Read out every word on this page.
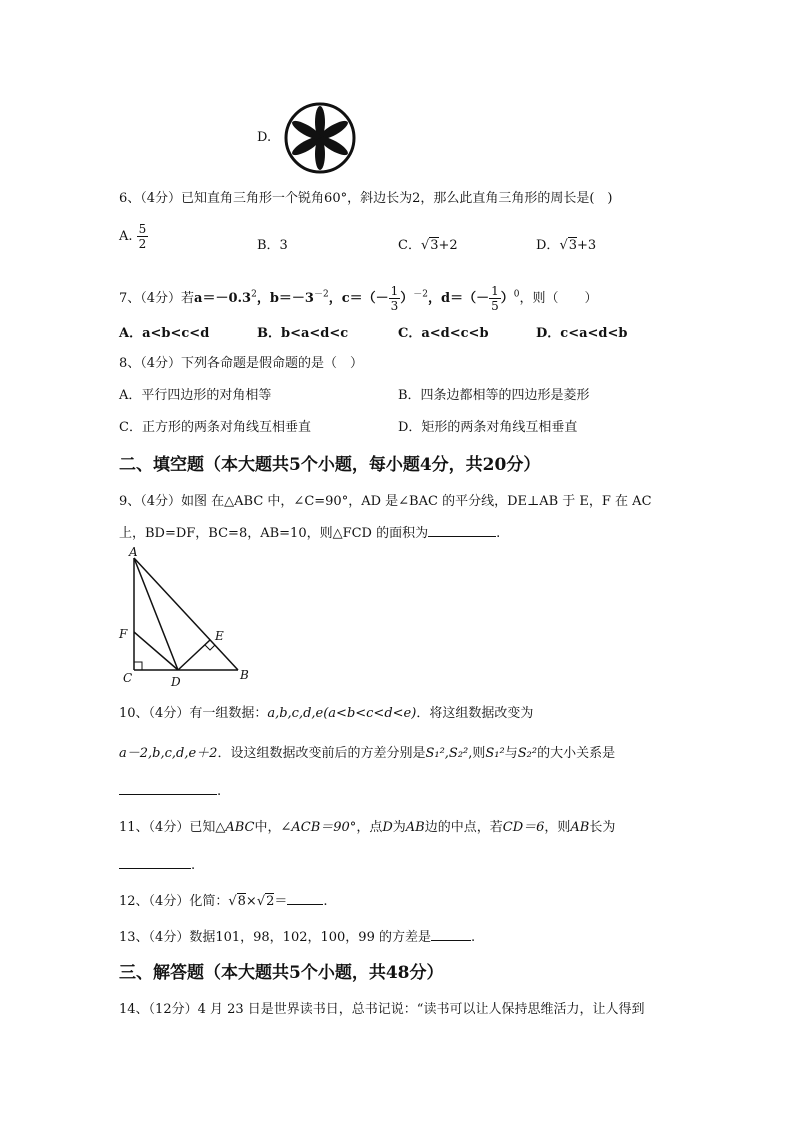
D.
6、（4分）已知直角三角形一个锐角60°，斜边长为2，那么此直角三角形的周长是(　)
A. $\frac{5}{2}$	B．3	C．√3+2	D．√3+3
7、（4分）若$a=-0.3^2$，$b=-3^{-2}$，$c=(- \frac{1}{3} )^{-2}$，$d=(- \frac{1}{5} )^0$，则（　　）
A．a<b<c<d	B．b<a<d<c	C．a<d<c<b	D．c<a<d<b
8、（4分）下列各命题是假命题的是（　）
A．平行四边形的对角相等	B．四条边都相等的四边形是菱形
C．正方形的两条对角线互相垂直	D．矩形的两条对角线互相垂直
二、填空题（本大题共5个小题，每小题4分，共20分）
9、（4分）如图 在△ABC 中，∠C=90°，AD 是∠BAC 的平分线，DE⊥AB 于 E，F 在 AC
上，BD=DF，BC=8，AB=10，则△FCD 的面积为	.
A
B
C	D
E
F
10、（4分）有一组数据：a,b,c,d,e(a<b<c<d<e)．将这组数据改变为
a－2,b,c,d,e＋2．设这组数据改变前后的方差分别是S₁²,S₂²,则S₁²与S₂²的大小关系是
.
11、（4分）已知△ABC中，∠ACB＝90°，点D为AB边的中点，若CD＝6，则AB长为
.
12、（4分）化简：√8×√2＝	.
13、（4分）数据101，98，102，100，99 的方差是	.
三、解答题（本大题共5个小题，共48分）
14、（12分）4 月 23 日是世界读书日，总书记说：“读书可以让人保持思维活力，让人得到
